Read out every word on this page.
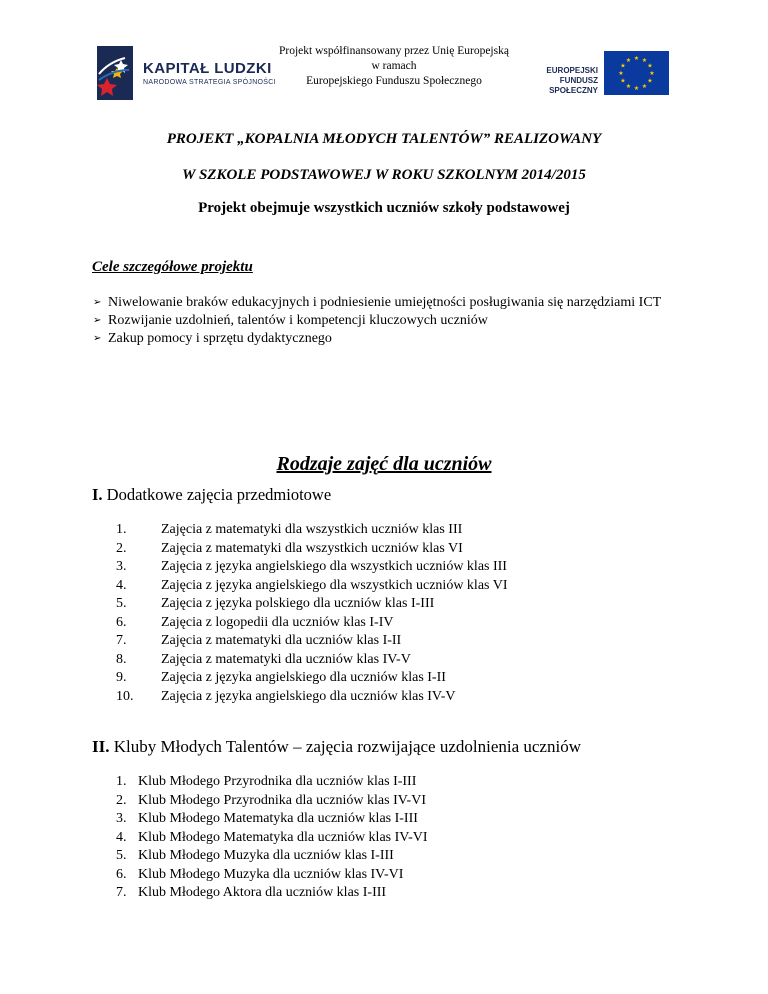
KAPITAŁ LUDZKI
NARODOWA STRATEGIA SPÓJNOŚCI
Projekt współfinansowany przez Unię Europejską
w ramach
Europejskiego Funduszu Społecznego
EUROPEJSKI
FUNDUSZ SPOŁECZNY
★ ★
★
★
★
★
★
★
★
★
★
★
PROJEKT „KOPALNIA MŁODYCH TALENTÓW” REALIZOWANY
W SZKOLE PODSTAWOWEJ W ROKU SZKOLNYM 2014/2015
Projekt obejmuje wszystkich uczniów szkoły podstawowej
Cele szczegółowe projektu
➢ Niwelowanie braków edukacyjnych i podniesienie umiejętności posługiwania się narzędziami ICT
➢ Rozwijanie uzdolnień, talentów i kompetencji kluczowych uczniów
➢ Zakup pomocy i sprzętu dydaktycznego
Rodzaje zajęć dla uczniów
I. Dodatkowe zajęcia przedmiotowe
1.	Zajęcia z matematyki dla wszystkich uczniów klas III
2.	Zajęcia z matematyki dla wszystkich uczniów klas VI
3.	Zajęcia z języka angielskiego dla wszystkich uczniów klas III
4.	Zajęcia z języka angielskiego dla wszystkich uczniów klas VI
5.	Zajęcia z języka polskiego dla uczniów klas I-III
6.	Zajęcia z logopedii dla uczniów klas I-IV
7.	Zajęcia z matematyki dla uczniów klas I-II
8.	Zajęcia z matematyki dla uczniów klas IV-V
9.	Zajęcia z języka angielskiego dla uczniów klas I-II
10.	Zajęcia z języka angielskiego dla uczniów klas IV-V
II. Kluby Młodych Talentów – zajęcia rozwijające uzdolnienia uczniów
1. Klub Młodego Przyrodnika dla uczniów klas I-III
2. Klub Młodego Przyrodnika dla uczniów klas IV-VI
3. Klub Młodego Matematyka dla uczniów klas I-III
4. Klub Młodego Matematyka dla uczniów klas IV-VI
5. Klub Młodego Muzyka dla uczniów klas I-III
6. Klub Młodego Muzyka dla uczniów klas IV-VI
7. Klub Młodego Aktora dla uczniów klas I-III
